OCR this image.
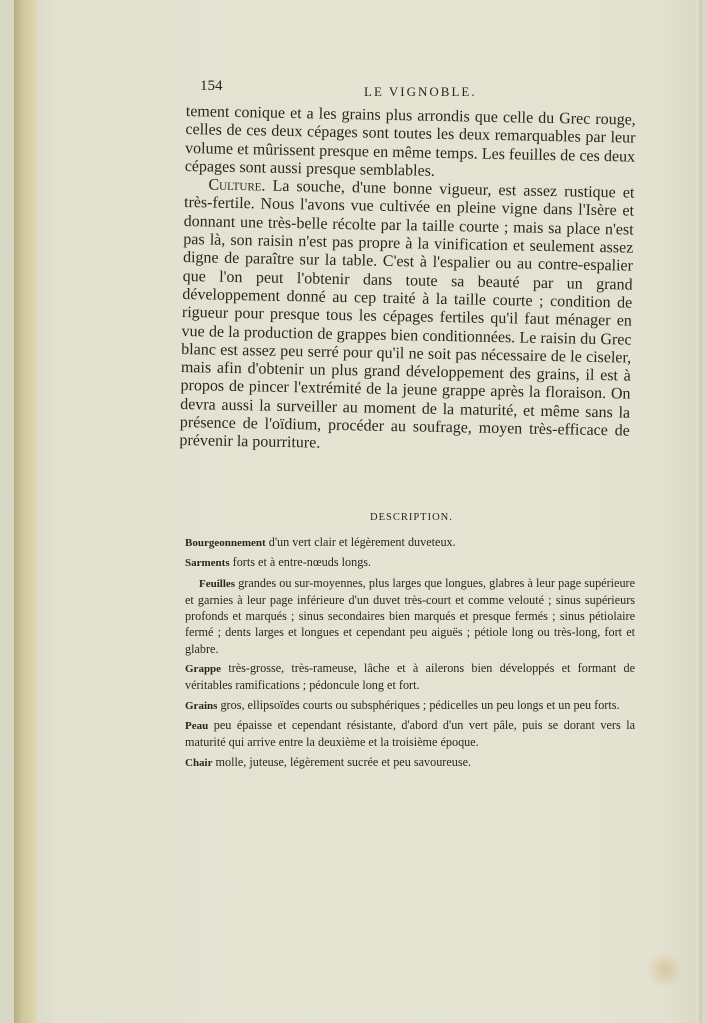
154	LE VIGNOBLE.

tement conique et a les grains plus arrondis que celle du Grec rouge, celles de ces deux cépages sont toutes les deux remarquables par leur volume et mûrissent presque en même temps. Les feuilles de ces deux cépages sont aussi presque semblables.

Culture. La souche, d'une bonne vigueur, est assez rustique et très-fertile. Nous l'avons vue cultivée en pleine vigne dans l'Isère et donnant une très-belle récolte par la taille courte ; mais sa place n'est pas là, son raisin n'est pas propre à la vinification et seulement assez digne de paraître sur la table. C'est à l'espalier ou au contre-espalier que l'on peut l'obtenir dans toute sa beauté par un grand développement donné au cep traité à la taille courte ; condition de rigueur pour presque tous les cépages fertiles qu'il faut ménager en vue de la production de grappes bien conditionnées. Le raisin du Grec blanc est assez peu serré pour qu'il ne soit pas nécessaire de le ciseler, mais afin d'obtenir un plus grand développement des grains, il est à propos de pincer l'extrémité de la jeune grappe après la floraison. On devra aussi la surveiller au moment de la maturité, et même sans la présence de l'oïdium, procéder au soufrage, moyen très-efficace de prévenir la pourriture.

DESCRIPTION.

Bourgeonnement d'un vert clair et légèrement duveteux.

Sarments forts et à entre-nœuds longs.

Feuilles grandes ou sur-moyennes, plus larges que longues, glabres à leur page supérieure et garnies à leur page inférieure d'un duvet très-court et comme velouté ; sinus supérieurs profonds et marqués ; sinus secondaires bien marqués et presque fermés ; sinus pétiolaire fermé ; dents larges et longues et cependant peu aiguës ; pétiole long ou très-long, fort et glabre.

Grappe très-grosse, très-rameuse, lâche et à ailerons bien développés et formant de véritables ramifications ; pédoncule long et fort.

Grains gros, ellipsoïdes courts ou subsphériques ; pédicelles un peu longs et un peu forts.

Peau peu épaisse et cependant résistante, d'abord d'un vert pâle, puis se dorant vers la maturité qui arrive entre la deuxième et la troisième époque.

Chair molle, juteuse, légèrement sucrée et peu savoureuse.
